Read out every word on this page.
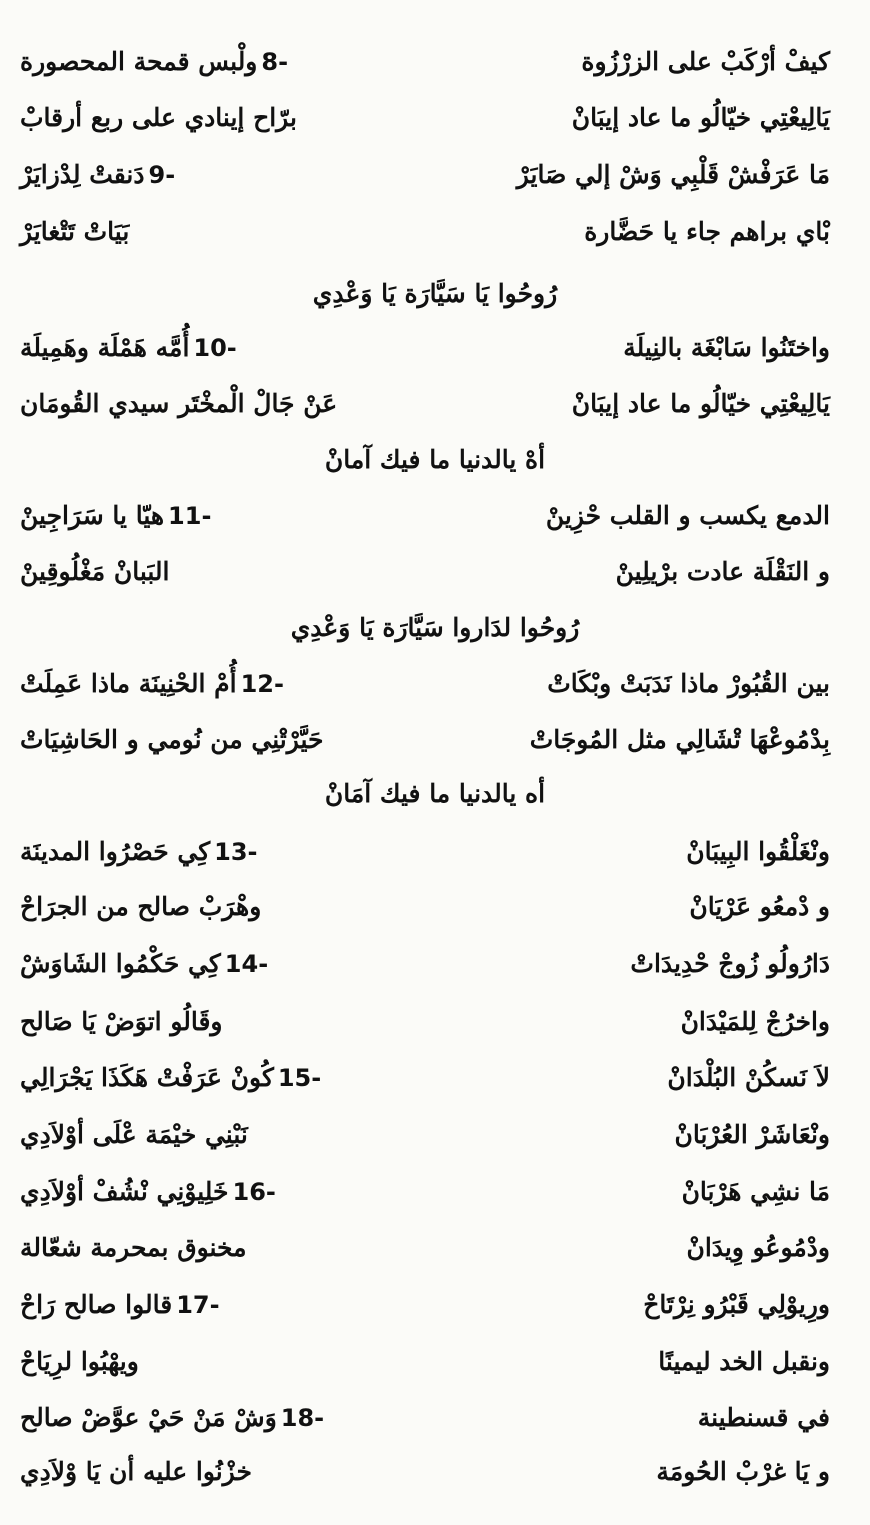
كيفْ أرْكَبْ على الزرْزُوة
8-ولْبس قمحة المحصورة
يَالِيعْتِي خيّالُو ما عاد إيبَانْ
برّاح إينادي على ربع أرقابْ
مَا عَرَفْشْ قَلْبِي وَشْ إلي صَايَرْ
9-دَنقتْ لِدْزايَرْ
بْاي براهم جاء يا حَضَّارة
بَيَاتْ تَتْغايَرْ
رُوحُوا يَا سَيَّارَة يَا وَعْدِي
واختَنُوا سَابْغَة بالنِيلَة
10-أُمَّه هَمْلَة وهَمِيلَة
يَالِيعْتِي خيّالُو ما عاد إيبَانْ
عَنْ جَالْ الْمخْتَر سيدي القُومَان
أهْ يالدنيا ما فيك آمانْ
الدمع يكسب و القلب حْزِينْ
11-هيّا يا سَرَاجِينْ
و النَقْلَة عادت برْيلِينْ
البَبانْ مَغْلُوقِينْ
رُوحُوا لدَاروا سَيَّارَة يَا وَعْدِي
بين القُبُورْ ماذا نَدَبَتْ وبْكَاتْ
12-أُمْ الحْنِينَة ماذا عَمِلَتْ
بِدْمُوعْهَا تْشَالِي مثل المُوجَاتْ
حَيَّرْتْنِي من نُومي و الحَاشِيَاتْ
أه يالدنيا ما فيك آمَانْ
ونْغَلْقُوا البِيبَانْ
13-كِي حَصْرُوا المدينَة
و دْمعُو عَرْيَانْ
وهْرَبْ صالح من الجرَاحْ
دَارُولُو زُوجْ حْدِيدَاتْ
14-كِي حَكْمُوا الشَاوَشْ
واخرُجْ لِلمَيْدَانْ
وقَالُو اتوَضْ يَا صَالح
لاَ نَسكُنْ البُلْدَانْ
15-كُونْ عَرَفْتْ هَكَذَا يَجْرَالِي
ونْعَاشَرْ العُرْبَانْ
نَبْنِي خيْمَة عْلَى أوْلاَدِي
مَا نشِي هَرْبَانْ
16-خَلِيوْنِي نْشُفْ أوْلاَدِي
ودْمُوعُو وِيدَانْ
مخنوق بمحرمة شعّالة
ورِيوْلِي قَبْرُو نِرْتَاحْ
17-قالوا صالح رَاحْ
ونقبل الخد ليمينًا
ويهْبُوا لرِيَاحْ
في قسنطينة
18-وَشْ مَنْ حَيْ عوَّضْ صالح
و يَا غرْبْ الحُومَة
خزْنُوا عليه أن يَا وْلاَدِي
